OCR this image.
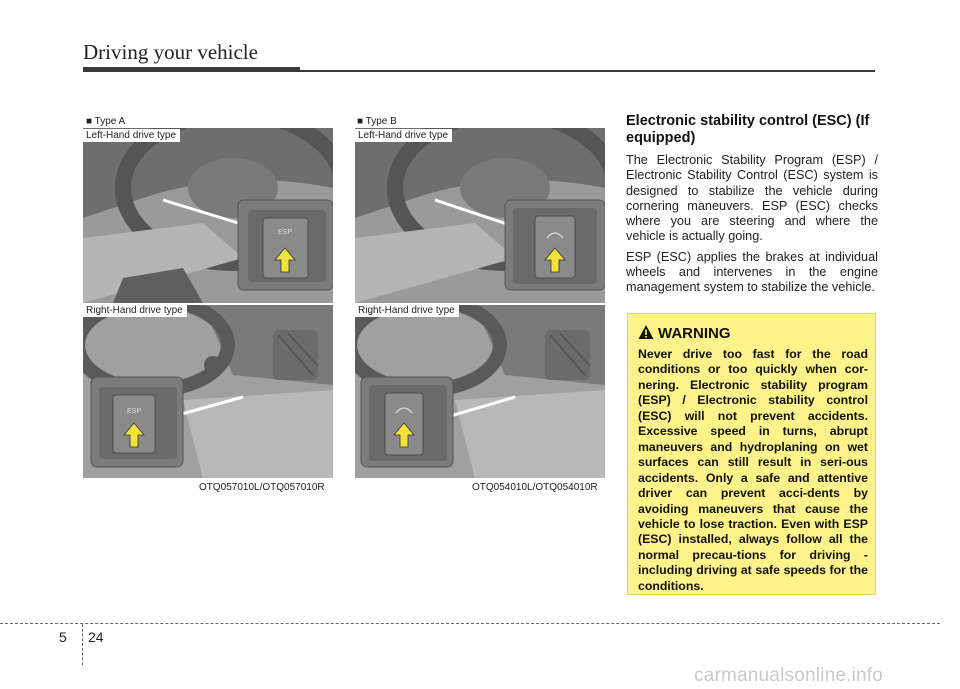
Driving your vehicle
■ Type A
ESP
Left-Hand drive type
ESP
Right-Hand drive type
OTQ057010L/OTQ057010R
■ Type B
Left-Hand drive type
Right-Hand drive type
OTQ054010L/OTQ054010R
Electronic stability control (ESC) (If equipped)

The Electronic Stability Program (ESP) / Electronic Stability Control (ESC) system is designed to stabilize the vehicle during cornering maneuvers. ESP (ESC) checks where you are steering and where the vehicle is actually going.

ESP (ESC) applies the brakes at individual wheels and intervenes in the engine management system to stabilize the vehicle.

WARNING
Never drive too fast for the road conditions or too quickly when cor-nering. Electronic stability program (ESP) / Electronic stability control (ESC) will not prevent accidents. Excessive speed in turns, abrupt maneuvers and hydroplaning on wet surfaces can still result in seri-ous accidents. Only a safe and attentive driver can prevent acci-dents by avoiding maneuvers that cause the vehicle to lose traction. Even with ESP (ESC) installed, always follow all the normal precau-tions for driving - including driving at safe speeds for the conditions.
5 24
carmanualsonline.info
